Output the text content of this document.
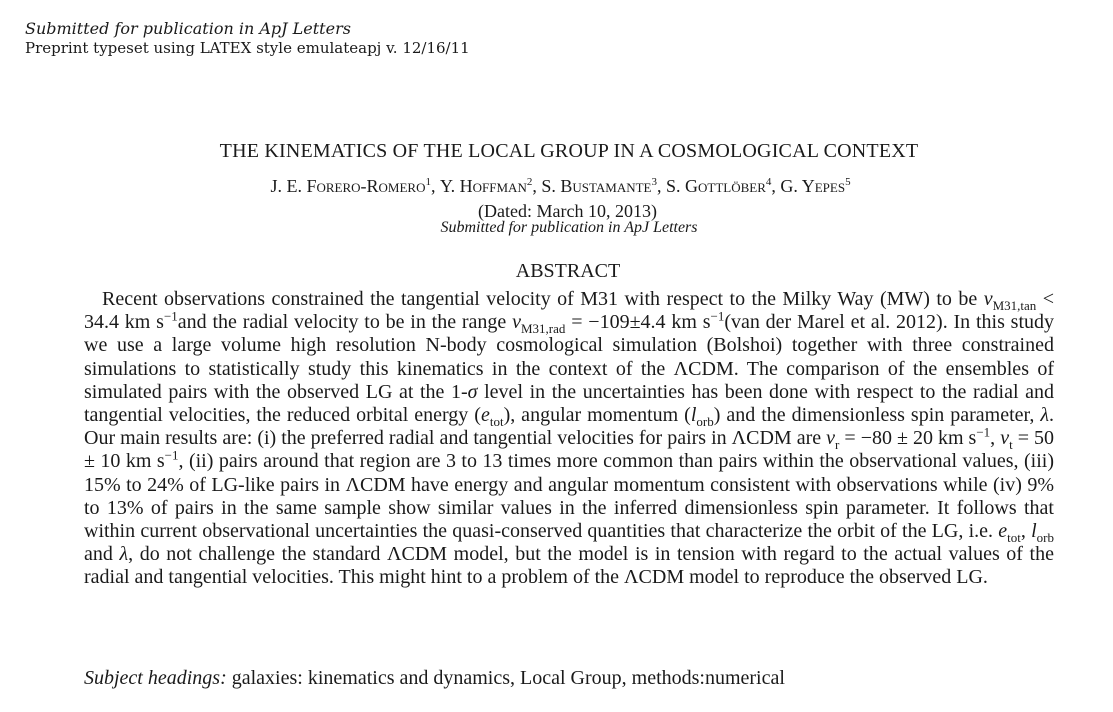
Submitted for publication in ApJ Letters
Preprint typeset using LATEX style emulateapj v. 12/16/11
THE KINEMATICS OF THE LOCAL GROUP IN A COSMOLOGICAL CONTEXT
J. E. Forero-Romero$^1$, Y. Hoffman$^2$, S. Bustamante$^3$, S. Gottlöber$^4$, G. Yepes$^5$
(Dated: March 10, 2013)
Submitted for publication in ApJ Letters
ABSTRACT

Recent observations constrained the tangential velocity of M31 with respect to the Milky Way (MW) to be $v_{M31,tan} < 34.4$ km $s^{-1}and$ the radial velocity to be in the range $v_{M31,rad} = -109\pm 4.4$ km $s^{-1}(van$ der Marel et al. 2012). In this study we use a large volume high resolution N-body cosmological simulation (Bolshoi) together with three constrained simulations to statistically study this kinematics in the context of the ΛCDM. The comparison of the ensembles of simulated pairs with the observed LG at the 1-σ level in the uncertainties has been done with respect to the radial and tangential velocities, the reduced orbital energy $(e_{tot})$, angular momentum $(l_{orb})$ and the dimensionless spin parameter, λ. Our main results are: (i) the preferred radial and tangential velocities for pairs in ΛCDM are $v_r = -80 \pm 20$ km $s^{-1}$, $v_t = 50 \pm 10$ km $s^{-1}$, (ii) pairs around that region are 3 to 13 times more common than pairs within the observational values, (iii) 15% to 24% of LG-like pairs in ΛCDM have energy and angular momentum consistent with observations while (iv) 9% to 13% of pairs in the same sample show similar values in the inferred dimensionless spin parameter. It follows that within current observational uncertainties the quasi-conserved quantities that characterize the orbit of the LG, i.e. $e_{tot}$, $l_{orb}$ and λ, do not challenge the standard ΛCDM model, but the model is in tension with regard to the actual values of the radial and tangential velocities. This might hint to a problem of the ΛCDM model to reproduce the observed LG.

Subject headings: galaxies: kinematics and dynamics, Local Group, methods:numerical
